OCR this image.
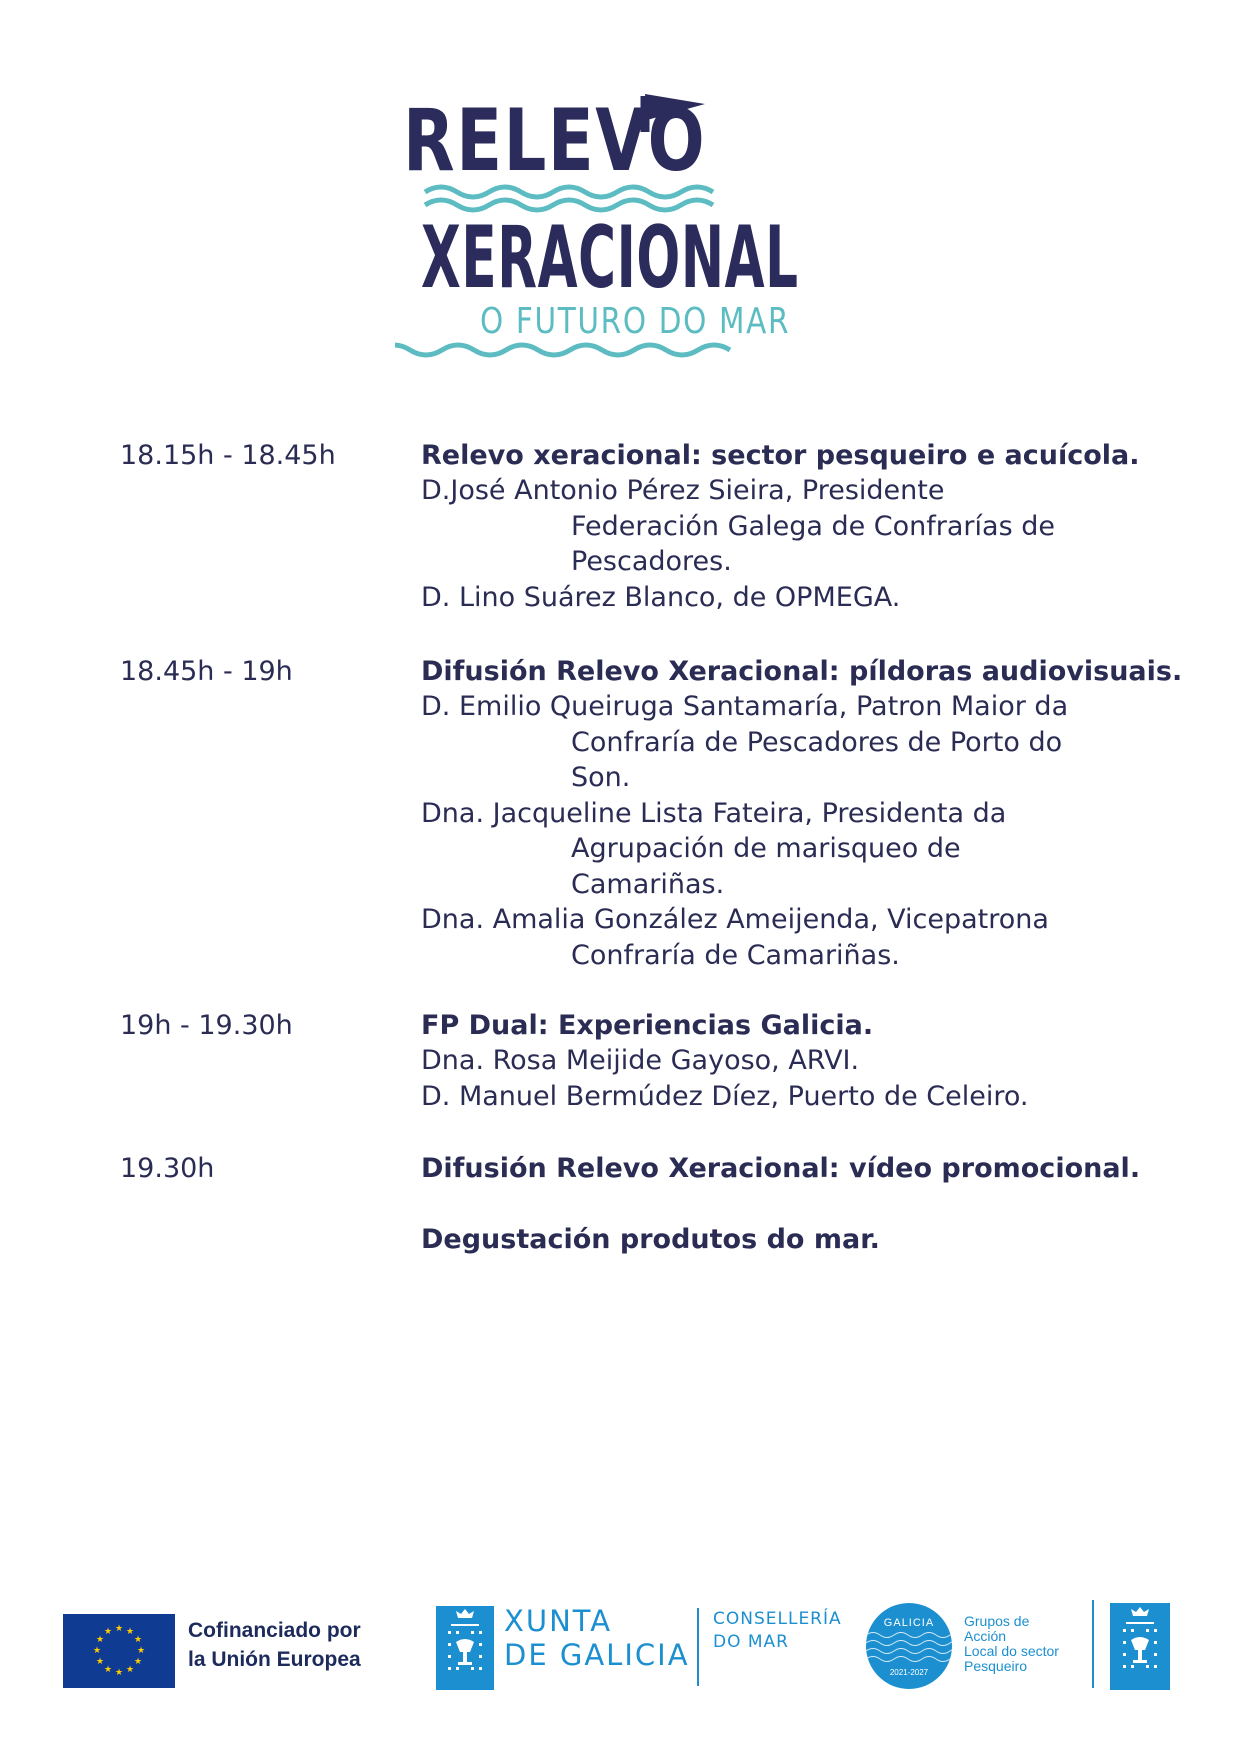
RELEVO
XERACIONAL
O FUTURO DO MAR
18.15h - 18.45h	Relevo xeracional: sector pesqueiro e acuícola.
D.José Antonio Pérez Sieira, Presidente
Federación Galega de Confrarías de
Pescadores.
D. Lino Suárez Blanco, de OPMEGA.
18.45h - 19h	Difusión Relevo Xeracional: píldoras audiovisuais.
D. Emilio Queiruga Santamaría, Patron Maior da
Confraría de Pescadores de Porto do
Son.
Dna. Jacqueline Lista Fateira, Presidenta da
Agrupación de marisqueo de
Camariñas.
Dna. Amalia González Ameijenda, Vicepatrona
Confraría de Camariñas.
19h - 19.30h	FP Dual: Experiencias Galicia.
Dna. Rosa Meijide Gayoso, ARVI.
D. Manuel Bermúdez Díez, Puerto de Celeiro.
19.30h	Difusión Relevo Xeracional: vídeo promocional.
Degustación produtos do mar.
★ ★
★
★
★
★
★
★
★
★
★
★	Cofinanciado por
la Unión Europea
XUNTA
DE GALICIA
CONSELLERÍA
DO MAR
GALICIA
2021-2027
Grupos de
Acción
Local do sector
Pesqueiro
